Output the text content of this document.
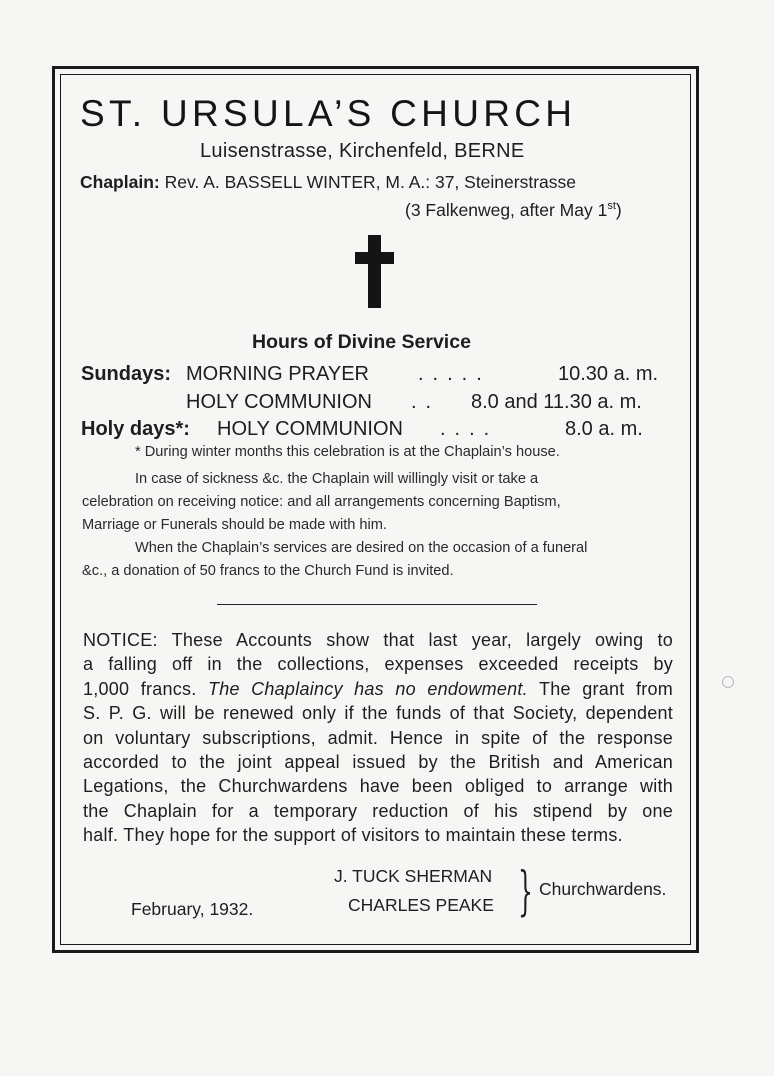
ST. URSULA’S CHURCH
Luisenstrasse, Kirchenfeld, BERNE
Chaplain: Rev. A. BASSELL WINTER, M. A.: 37, Steinerstrasse
(3 Falkenweg, after May 1st)
Hours of Divine Service
Sundays: MORNING PRAYER .....	10.30 a. m.
HOLY COMMUNION .. 8.0 and 11.30 a. m.
Holy days*: HOLY COMMUNION ....	8.0 a. m.
* During winter months this celebration is at the Chaplain’s house.
In case of sickness &c. the Chaplain will willingly visit or take a
celebration on receiving notice: and all arrangements concerning Baptism,
Marriage or Funerals should be made with him.
When the Chaplain’s services are desired on the occasion of a funeral
&c., a donation of 50 francs to the Church Fund is invited.
NOTICE: These Accounts show that last year, largely owing to
a falling off in the collections, expenses exceeded receipts by
1,000 francs. The Chaplaincy has no endowment. The grant from
S. P. G. will be renewed only if the funds of that Society, dependent
on voluntary subscriptions, admit. Hence in spite of the response
accorded to the joint appeal issued by the British and American
Legations, the Churchwardens have been obliged to arrange with
the Chaplain for a temporary reduction of his stipend by one
half. They hope for the support of visitors to maintain these terms.
J. TUCK SHERMAN
CHARLES PEAKE } Churchwardens.
February, 1932.
